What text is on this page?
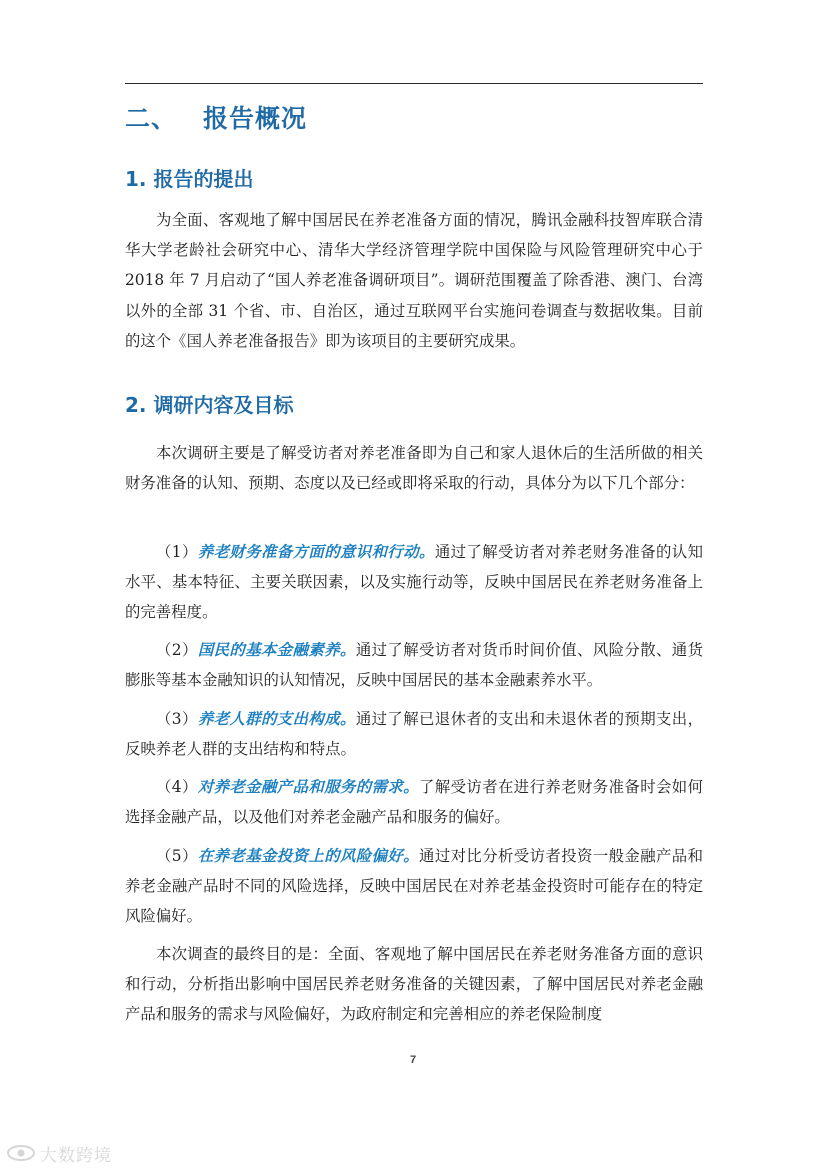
二、 报告概况
1. 报告的提出

为全面、客观地了解中国居民在养老准备方面的情况，腾讯金融科技智库联合清华大学老龄社会研究中心、清华大学经济管理学院中国保险与风险管理研究中心于 2018 年 7 月启动了“国人养老准备调研项目”。调研范围覆盖了除香港、澳门、台湾以外的全部 31 个省、市、自治区，通过互联网平台实施问卷调查与数据收集。目前的这个《国人养老准备报告》即为该项目的主要研究成果。

2. 调研内容及目标

本次调研主要是了解受访者对养老准备即为自己和家人退休后的生活所做的相关财务准备的认知、预期、态度以及已经或即将采取的行动，具体分为以下几个部分：

（1）养老财务准备方面的意识和行动。通过了解受访者对养老财务准备的认知水平、基本特征、主要关联因素，以及实施行动等，反映中国居民在养老财务准备上的完善程度。

（2）国民的基本金融素养。通过了解受访者对货币时间价值、风险分散、通货膨胀等基本金融知识的认知情况，反映中国居民的基本金融素养水平。

（3）养老人群的支出构成。通过了解已退休者的支出和未退休者的预期支出，反映养老人群的支出结构和特点。

（4）对养老金融产品和服务的需求。了解受访者在进行养老财务准备时会如何选择金融产品，以及他们对养老金融产品和服务的偏好。

（5）在养老基金投资上的风险偏好。通过对比分析受访者投资一般金融产品和养老金融产品时不同的风险选择，反映中国居民在对养老基金投资时可能存在的特定风险偏好。

本次调查的最终目的是：全面、客观地了解中国居民在养老财务准备方面的意识和行动，分析指出影响中国居民养老财务准备的关键因素，了解中国居民对养老金融产品和服务的需求与风险偏好，为政府制定和完善相应的养老保险制度

7
大数跨境
